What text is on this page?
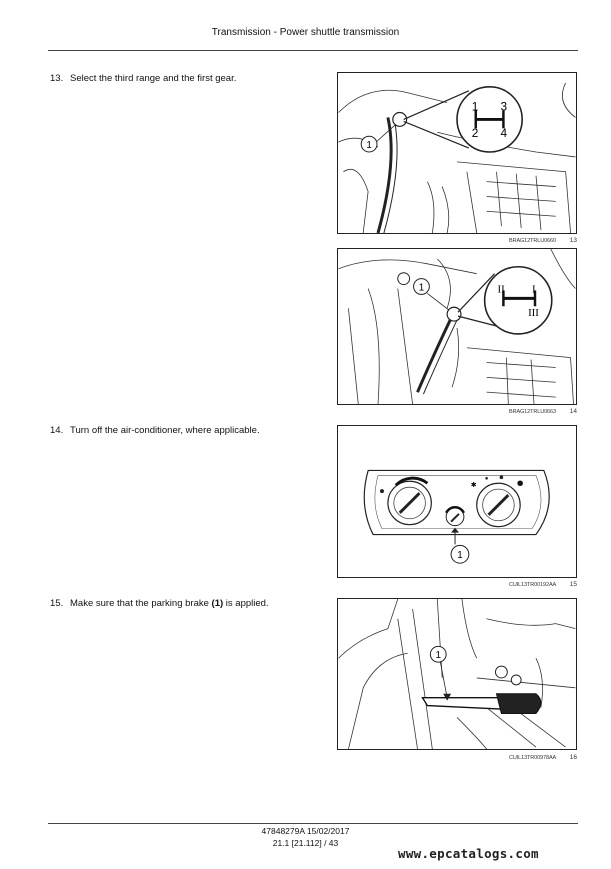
Transmission - Power shuttle transmission
13. Select the third range and the first gear.
1 3
2 4
1
BRAG12TRLU0660 13
II I
III
1
BRAG12TRLU0663 14
14. Turn off the air-conditioner, where applicable.
✱
1
CUIL13TR00192AA 15
15. Make sure that the parking brake (1) is applied.
1
CUIL13TR00978AA 16
47848279A 15/02/2017
21.1 [21.112] / 43
www.epcatalogs.com
